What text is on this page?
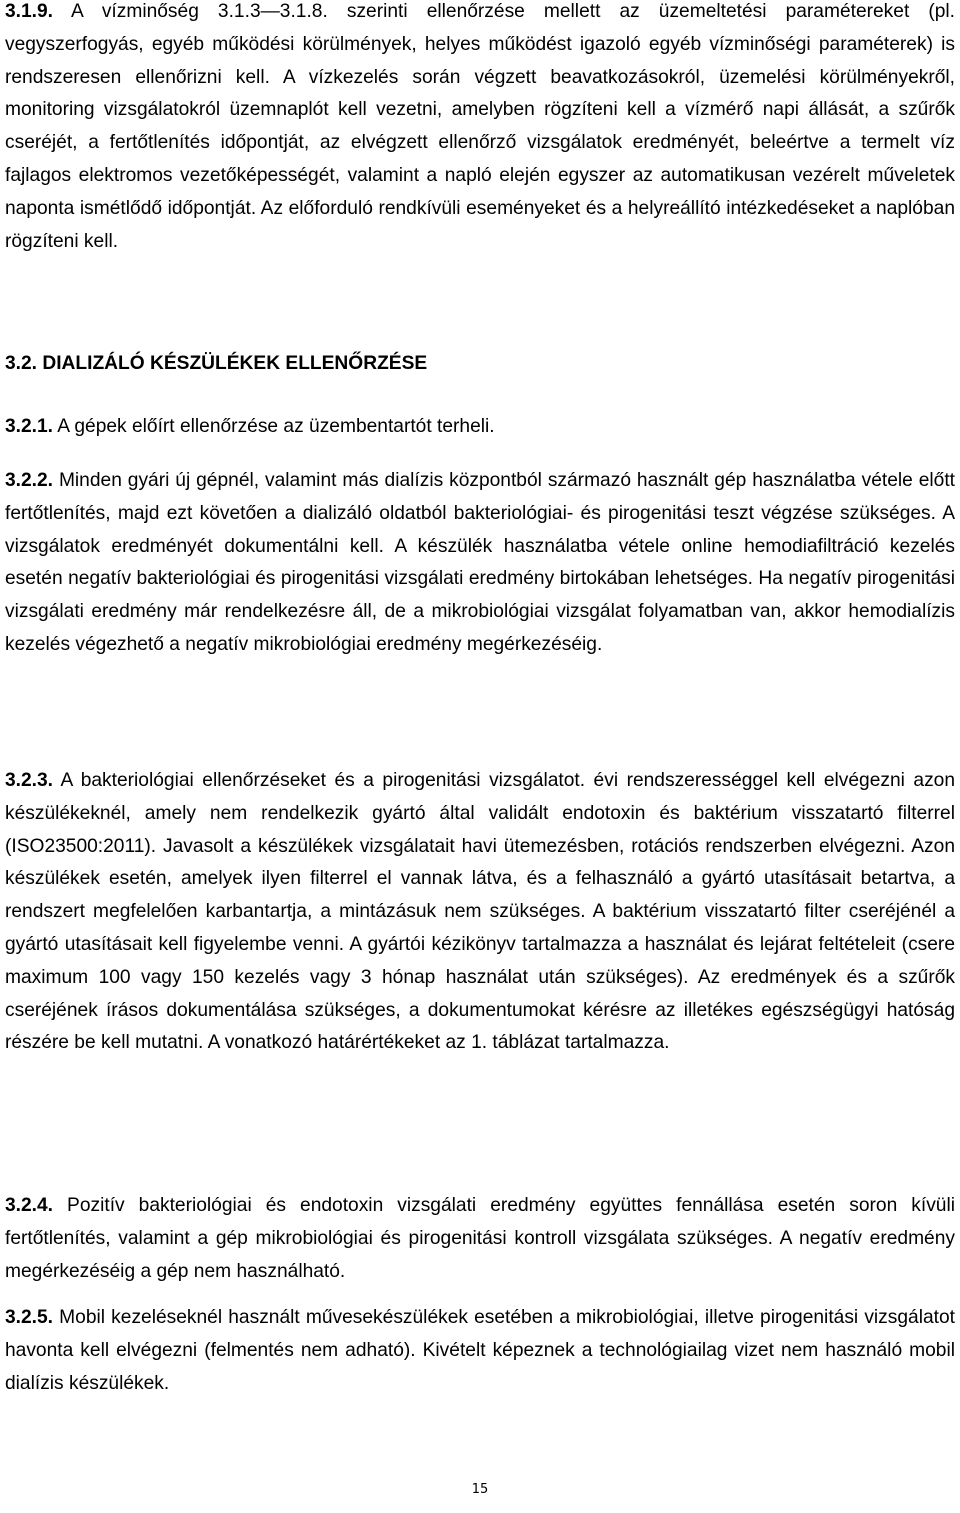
3.1.9. A vízminőség 3.1.3—3.1.8. szerinti ellenőrzése mellett az üzemeltetési paramétereket (pl. vegyszerfogyás, egyéb működési körülmények, helyes működést igazoló egyéb vízminőségi paraméterek) is rendszeresen ellenőrizni kell. A vízkezelés során végzett beavatkozásokról, üzemelési körülményekről, monitoring vizsgálatokról üzemnaplót kell vezetni, amelyben rögzíteni kell a vízmérő napi állását, a szűrők cseréjét, a fertőtlenítés időpontját, az elvégzett ellenőrző vizsgálatok eredményét, beleértve a termelt víz fajlagos elektromos vezetőképességét, valamint a napló elején egyszer az automatikusan vezérelt műveletek naponta ismétlődő időpontját. Az előforduló rendkívüli eseményeket és a helyreállító intézkedéseket a naplóban rögzíteni kell.

3.2. DIALIZÁLÓ KÉSZÜLÉKEK ELLENŐRZÉSE

3.2.1. A gépek előírt ellenőrzése az üzembentartót terheli.

3.2.2. Minden gyári új gépnél, valamint más dialízis központból származó használt gép használatba vétele előtt fertőtlenítés, majd ezt követően a dializáló oldatból bakteriológiai- és pirogenitási teszt végzése szükséges. A vizsgálatok eredményét dokumentálni kell. A készülék használatba vétele online hemodiafiltráció kezelés esetén negatív bakteriológiai és pirogenitási vizsgálati eredmény birtokában lehetséges. Ha negatív pirogenitási vizsgálati eredmény már rendelkezésre áll, de a mikrobiológiai vizsgálat folyamatban van, akkor hemodialízis kezelés végezhető a negatív mikrobiológiai eredmény megérkezéséig.

3.2.3. A bakteriológiai ellenőrzéseket és a pirogenitási vizsgálatot. évi rendszerességgel kell elvégezni azon készülékeknél, amely nem rendelkezik gyártó által validált endotoxin és baktérium visszatartó filterrel (ISO23500:2011). Javasolt a készülékek vizsgálatait havi ütemezésben, rotációs rendszerben elvégezni. Azon készülékek esetén, amelyek ilyen filterrel el vannak látva, és a felhasználó a gyártó utasításait betartva, a rendszert megfelelően karbantartja, a mintázásuk nem szükséges. A baktérium visszatartó filter cseréjénél a gyártó utasításait kell figyelembe venni. A gyártói kézikönyv tartalmazza a használat és lejárat feltételeit (csere maximum 100 vagy 150 kezelés vagy 3 hónap használat után szükséges). Az eredmények és a szűrők cseréjének írásos dokumentálása szükséges, a dokumentumokat kérésre az illetékes egészségügyi hatóság részére be kell mutatni. A vonatkozó határértékeket az 1. táblázat tartalmazza.

3.2.4. Pozitív bakteriológiai és endotoxin vizsgálati eredmény együttes fennállása esetén soron kívüli fertőtlenítés, valamint a gép mikrobiológiai és pirogenitási kontroll vizsgálata szükséges. A negatív eredmény megérkezéséig a gép nem használható.

3.2.5. Mobil kezeléseknél használt művesekészülékek esetében a mikrobiológiai, illetve pirogenitási vizsgálatot havonta kell elvégezni (felmentés nem adható). Kivételt képeznek a technológiailag vizet nem használó mobil dialízis készülékek.

15
